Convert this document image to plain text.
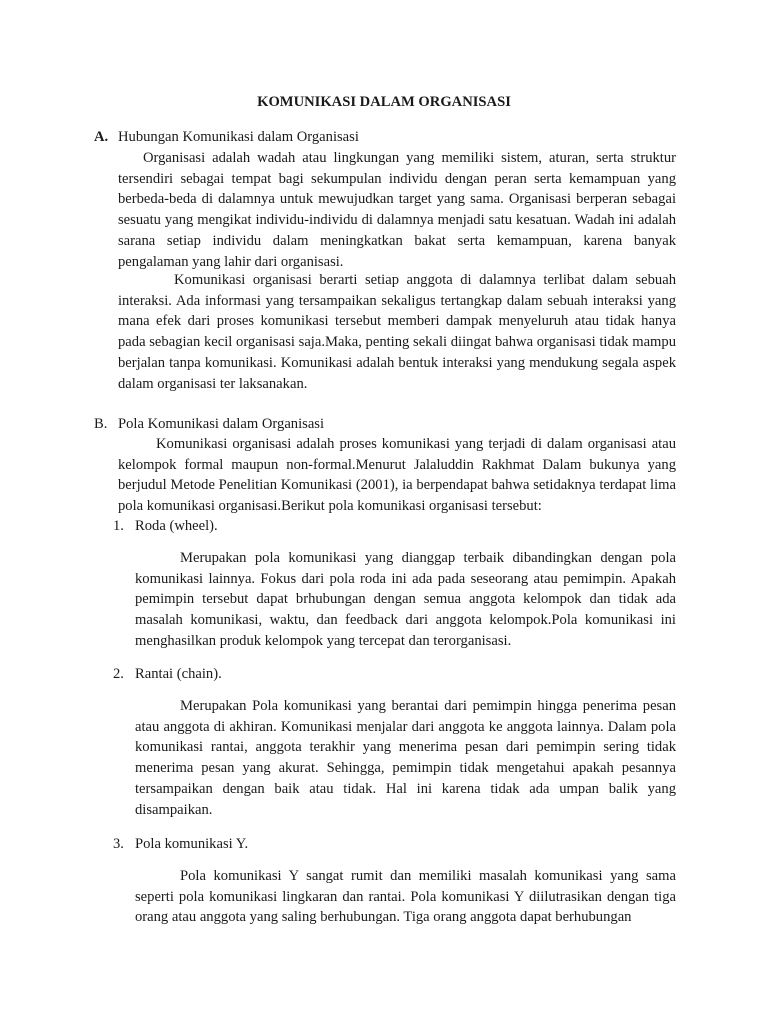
KOMUNIKASI DALAM ORGANISASI
A. Hubungan Komunikasi dalam Organisasi

Organisasi adalah wadah atau lingkungan yang memiliki sistem, aturan, serta struktur tersendiri sebagai tempat bagi sekumpulan individu dengan peran serta kemampuan yang berbeda-beda di dalamnya untuk mewujudkan target yang sama. Organisasi berperan sebagai sesuatu yang mengikat individu-individu di dalamnya menjadi satu kesatuan. Wadah ini adalah sarana setiap individu dalam meningkatkan bakat serta kemampuan, karena banyak pengalaman yang lahir dari organisasi.

Komunikasi organisasi berarti setiap anggota di dalamnya terlibat dalam sebuah interaksi. Ada informasi yang tersampaikan sekaligus tertangkap dalam sebuah interaksi yang mana efek dari proses komunikasi tersebut memberi dampak menyeluruh atau tidak hanya pada sebagian kecil organisasi saja.Maka, penting sekali diingat bahwa organisasi tidak mampu berjalan tanpa komunikasi. Komunikasi adalah bentuk interaksi yang mendukung segala aspek dalam organisasi ter laksanakan.

B. Pola Komunikasi dalam Organisasi

Komunikasi organisasi adalah proses komunikasi yang terjadi di dalam organisasi atau kelompok formal maupun non-formal.Menurut Jalaluddin Rakhmat Dalam bukunya yang berjudul Metode Penelitian Komunikasi (2001), ia berpendapat bahwa setidaknya terdapat lima pola komunikasi organisasi.Berikut pola komunikasi organisasi tersebut:

1. Roda (wheel).

Merupakan pola komunikasi yang dianggap terbaik dibandingkan dengan pola komunikasi lainnya. Fokus dari pola roda ini ada pada seseorang atau pemimpin. Apakah pemimpin tersebut dapat brhubungan dengan semua anggota kelompok dan tidak ada masalah komunikasi, waktu, dan feedback dari anggota kelompok.Pola komunikasi ini menghasilkan produk kelompok yang tercepat dan terorganisasi.

2. Rantai (chain).

Merupakan Pola komunikasi yang berantai dari pemimpin hingga penerima pesan atau anggota di akhiran. Komunikasi menjalar dari anggota ke anggota lainnya. Dalam pola komunikasi rantai, anggota terakhir yang menerima pesan dari pemimpin sering tidak menerima pesan yang akurat. Sehingga, pemimpin tidak mengetahui apakah pesannya tersampaikan dengan baik atau tidak. Hal ini karena tidak ada umpan balik yang disampaikan.

3. Pola komunikasi Y.

Pola komunikasi Y sangat rumit dan memiliki masalah komunikasi yang sama seperti pola komunikasi lingkaran dan rantai. Pola komunikasi Y diilutrasikan dengan tiga orang atau anggota yang saling berhubungan. Tiga orang anggota dapat berhubungan
